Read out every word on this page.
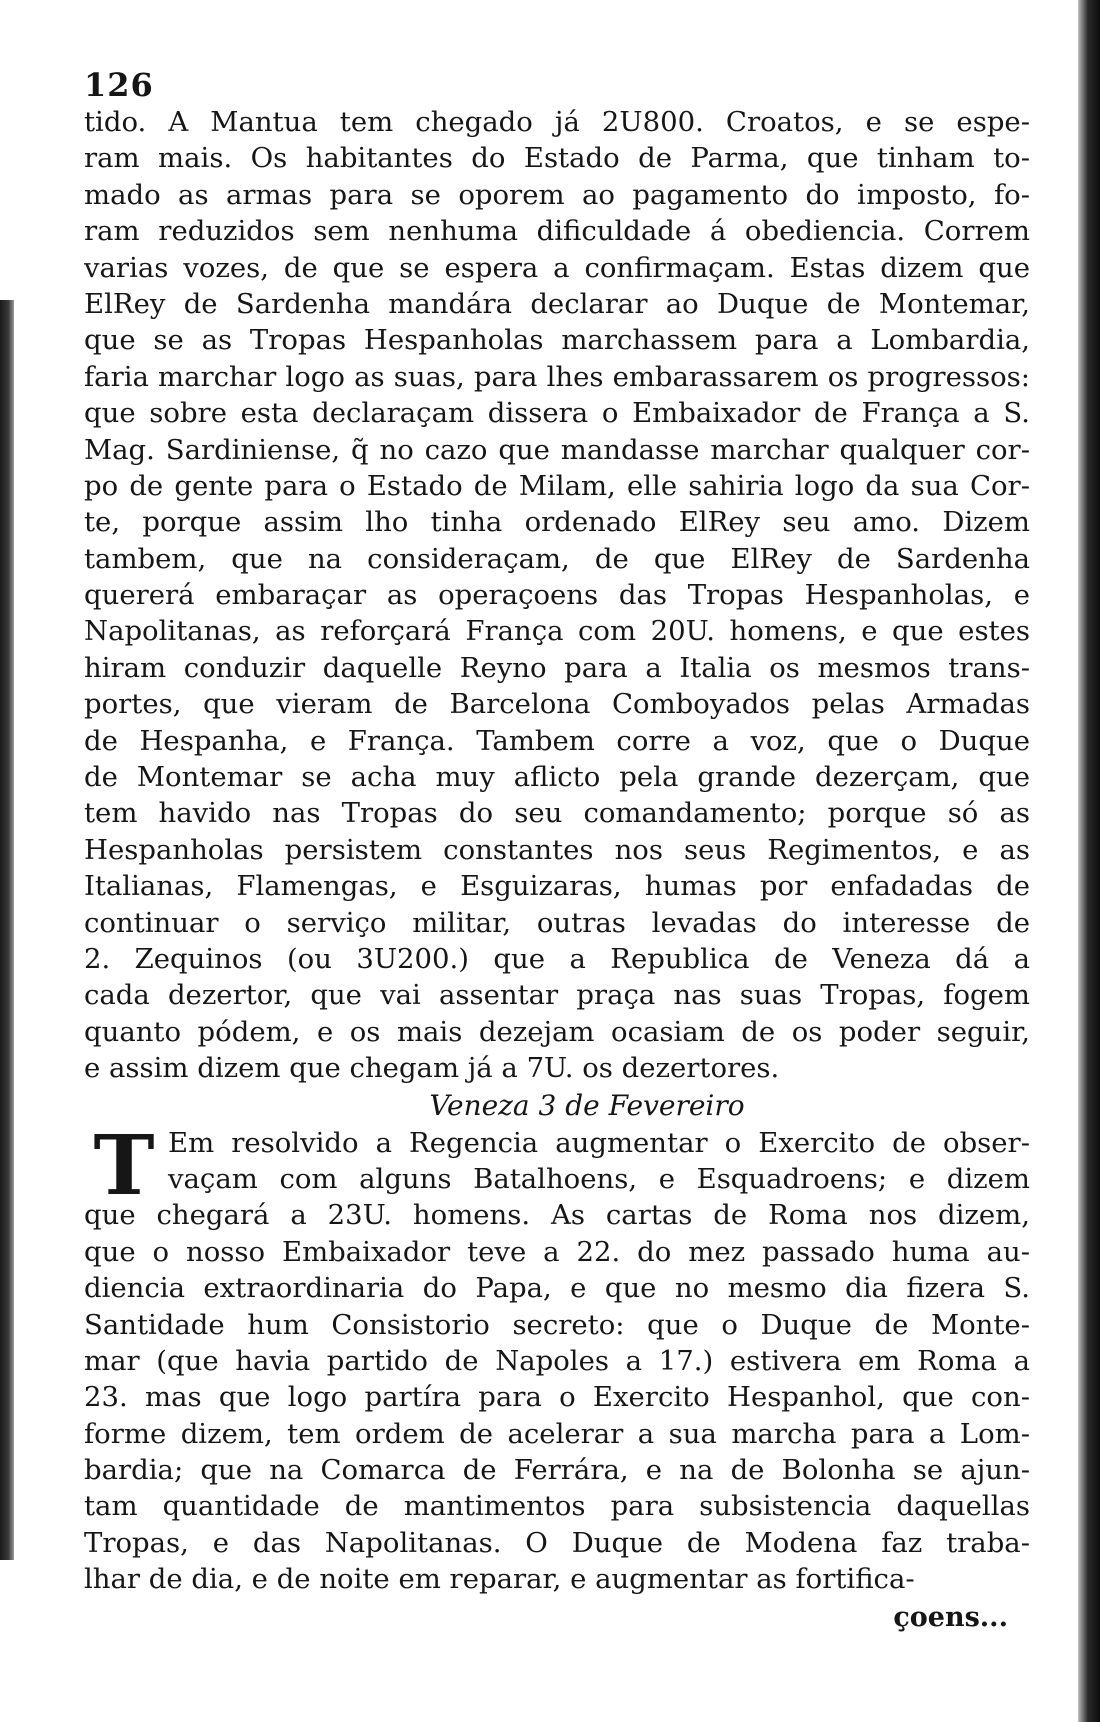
126
tido. A Mantua tem chegado já 2U800. Croatos, e se espe-
ram mais. Os habitantes do Estado de Parma, que tinham to-
mado as armas para se oporem ao pagamento do imposto, fo-
ram reduzidos sem nenhuma dificuldade á obediencia. Correm
varias vozes, de que se espera a confirmaçam. Estas dizem que
ElRey de Sardenha mandára declarar ao Duque de Montemar,
que se as Tropas Hespanholas marchassem para a Lombardia,
faria marchar logo as suas, para lhes embarassarem os progressos:
que sobre esta declaraçam dissera o Embaixador de França a S.
Mag. Sardiniense, q̃ no cazo que mandasse marchar qualquer cor-
po de gente para o Estado de Milam, elle sahiria logo da sua Cor-
te, porque assim lho tinha ordenado ElRey seu amo. Dizem
tambem, que na consideraçam, de que ElRey de Sardenha
quererá embaraçar as operaçoens das Tropas Hespanholas, e
Napolitanas, as reforçará França com 20U. homens, e que estes
hiram conduzir daquelle Reyno para a Italia os mesmos trans-
portes, que vieram de Barcelona Comboyados pelas Armadas
de Hespanha, e França. Tambem corre a voz, que o Duque
de Montemar se acha muy aflicto pela grande dezerçam, que
tem havido nas Tropas do seu comandamento; porque só as
Hespanholas persistem constantes nos seus Regimentos, e as
Italianas, Flamengas, e Esguizaras, humas por enfadadas de
continuar o serviço militar, outras levadas do interesse de
2. Zequinos (ou 3U200.) que a Republica de Veneza dá a
cada dezertor, que vai assentar praça nas suas Tropas, fogem
quanto pódem, e os mais dezejam ocasiam de os poder seguir,
e assim dizem que chegam já a 7U. os dezertores.
Veneza 3 de Fevereiro
T Em resolvido a Regencia augmentar o Exercito de obser-
vaçam com alguns Batalhoens, e Esquadroens; e dizem
que chegará a 23U. homens. As cartas de Roma nos dizem,
que o nosso Embaixador teve a 22. do mez passado huma au-
diencia extraordinaria do Papa, e que no mesmo dia fizera S.
Santidade hum Consistorio secreto: que o Duque de Monte-
mar (que havia partido de Napoles a 17.) estivera em Roma a
23. mas que logo partíra para o Exercito Hespanhol, que con-
forme dizem, tem ordem de acelerar a sua marcha para a Lom-
bardia; que na Comarca de Ferrára, e na de Bolonha se ajun-
tam quantidade de mantimentos para subsistencia daquellas
Tropas, e das Napolitanas. O Duque de Modena faz traba-
lhar de dia, e de noite em reparar, e augmentar as fortifica-
çoens...
